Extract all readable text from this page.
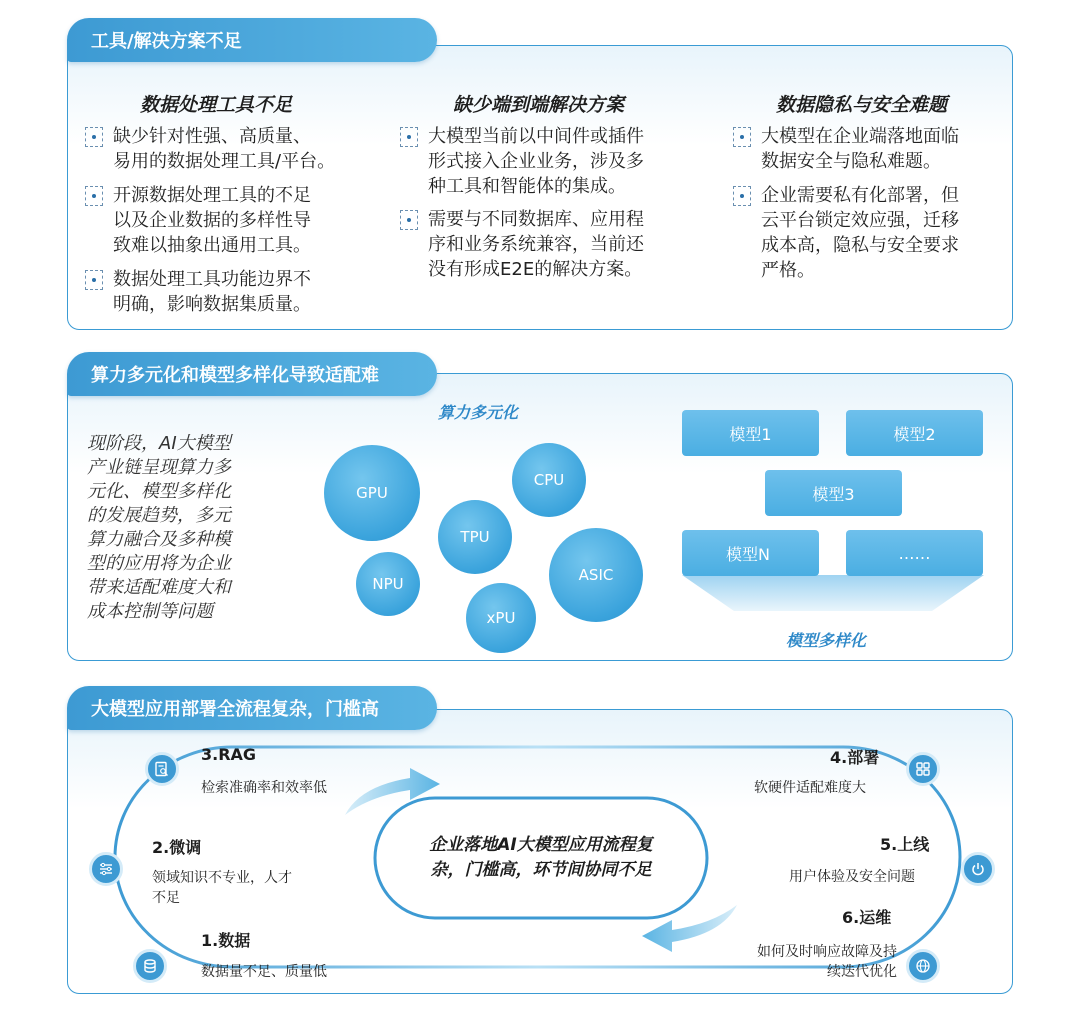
工具/解决方案不足
数据处理工具不足	缺少端到端解决方案	数据隐私与安全难题
缺少针对性强、高质量、
易用的数据处理工具/平台。
开源数据处理工具的不足
以及企业数据的多样性导
致难以抽象出通用工具。
数据处理工具功能边界不
明确，影响数据集质量。
大模型当前以中间件或插件
形式接入企业业务，涉及多
种工具和智能体的集成。
需要与不同数据库、应用程
序和业务系统兼容，当前还
没有形成E2E的解决方案。
大模型在企业端落地面临
数据安全与隐私难题。
企业需要私有化部署，但
云平台锁定效应强，迁移
成本高，隐私与安全要求
严格。
算力多元化和模型多样化导致适配难
现阶段，AI大模型
产业链呈现算力多
元化、模型多样化
的发展趋势，多元
算力融合及多种模
型的应用将为企业
带来适配难度大和
成本控制等问题
算力多元化
GPU
CPU
TPU
ASIC
NPU
xPU
模型1	模型2
模型3
模型N	……
模型多样化
大模型应用部署全流程复杂，门槛高
企业落地AI大模型应用流程复
杂，门槛高，环节间协同不足
3.RAG
检索准确率和效率低
2.微调
领域知识不专业，人才
不足
1.数据
数据量不足、质量低
4.部署
软硬件适配难度大
5.上线
用户体验及安全问题
6.运维
如何及时响应故障及持
续迭代优化
